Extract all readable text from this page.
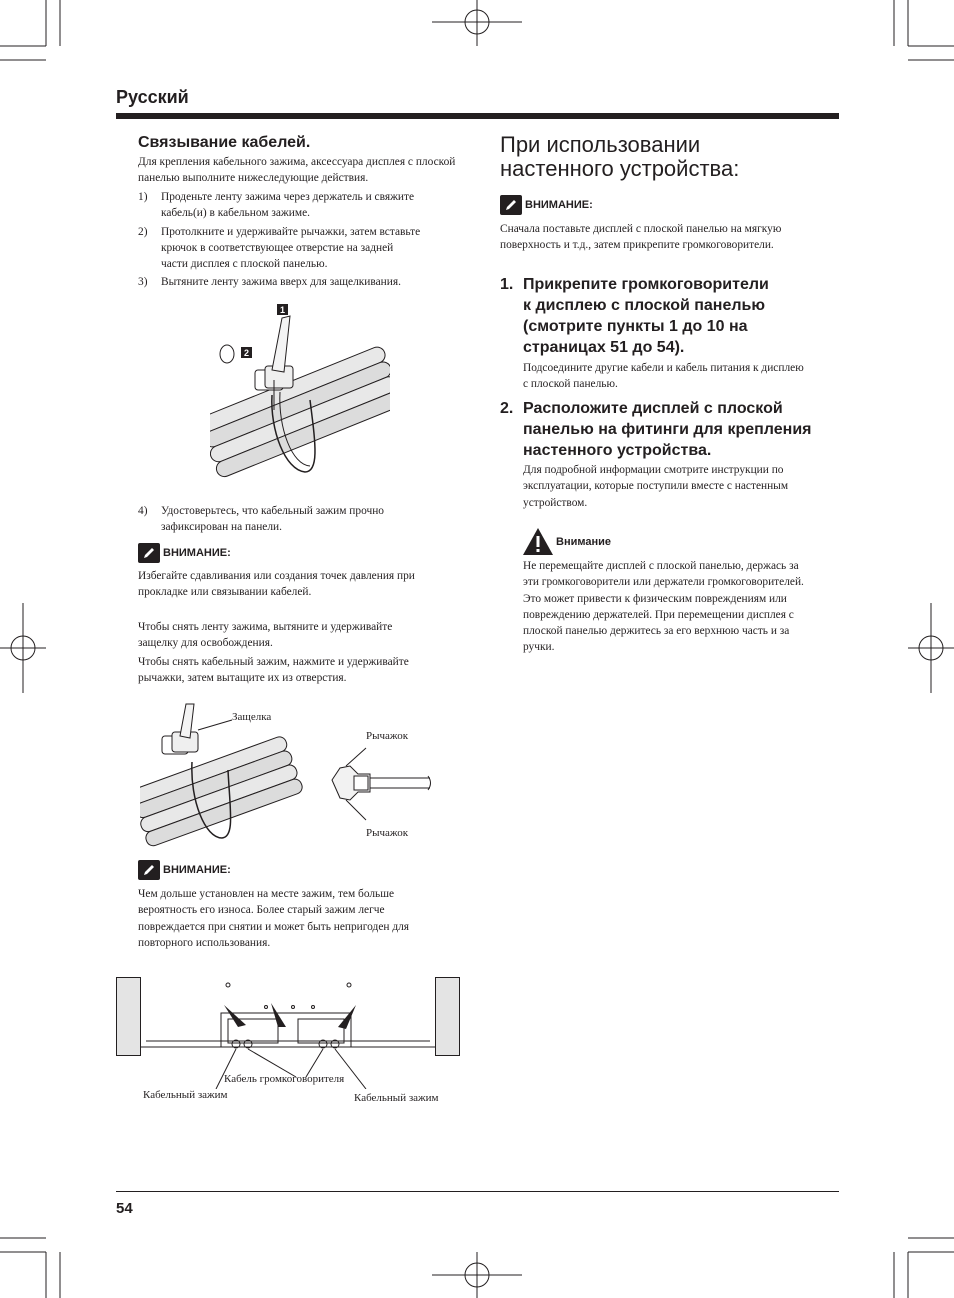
Русский
Связывание кабелей.
Для крепления кабельного зажима, аксессуара дисплея с плоской панелью выполните нижеследующие действия.
1)	Проденьте ленту зажима через держатель и свяжите
кабель(и) в кабельном зажиме.
2)	Протолкните и удерживайте рычажки, затем вставьте
крючок в соответствующее отверстие на задней
части дисплея с плоской панелью.
3)	Вытяните ленту зажима вверх для защелкивания.
1
2
4)	Удостоверьтесь, что кабельный зажим прочно
зафиксирован на панели.
ВНИМАНИЕ:
Избегайте сдавливания или создания точек давления при
прокладке или связывании кабелей.
Чтобы снять ленту зажима, вытяните и удерживайте
защелку для освобождения.
Чтобы снять кабельный зажим, нажмите и удерживайте
рычажки, затем вытащите их из отверстия.
Защелка
Рычажок
Рычажок
ВНИМАНИЕ:
Чем дольше установлен на месте зажим, тем больше
вероятность его износа. Более старый зажим легче
повреждается при снятии и может быть непригоден для
повторного использования.
Кабель громкоговорителя
Кабельный зажим	Кабельный зажим
При использовании
настенного устройства:
ВНИМАНИЕ:
Сначала поставьте дисплей с плоской панелью на мягкую
поверхность и т.д., затем прикрепите громкоговорители.
1. Прикрепите громкоговорители
к дисплею с плоской панелью
(смотрите пункты 1 до 10 на
страницах 51 до 54).
Подсоедините другие кабели и кабель питания к дисплею
с плоской панелью.
2. Расположите дисплей с плоской
панелью на фитинги для крепления
настенного устройства.
Для подробной информации смотрите инструкции по
эксплуатации, которые поступили вместе с настенным
устройством.
Внимание
Не перемещайте дисплей с плоской панелью, держась за
эти громкоговорители или держатели громкоговорителей.
Это может привести к физическим повреждениям или
повреждению держателей. При перемещении дисплея с
плоской панелью держитесь за его верхнюю часть и за
ручки.
54
